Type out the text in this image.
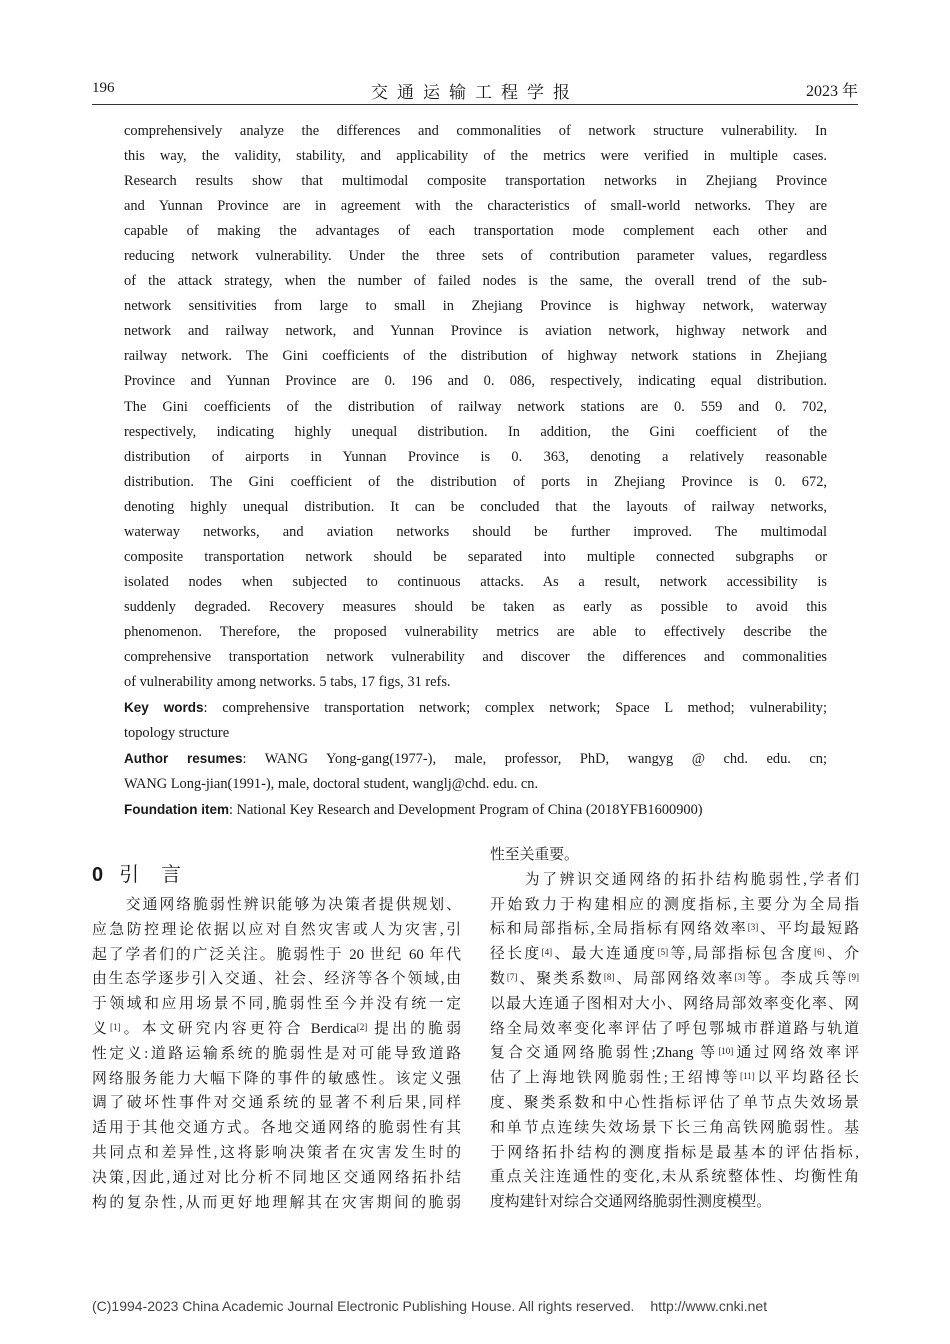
196	交通运输工程学报	2023 年

comprehensively analyze the differences and commonalities of network structure vulnerability. In

this way, the validity, stability, and applicability of the metrics were verified in multiple cases.

Research results show that multimodal composite transportation networks in Zhejiang Province

and Yunnan Province are in agreement with the characteristics of small-world networks. They are

capable of making the advantages of each transportation mode complement each other and

reducing network vulnerability. Under the three sets of contribution parameter values, regardless

of the attack strategy, when the number of failed nodes is the same, the overall trend of the sub-

network sensitivities from large to small in Zhejiang Province is highway network, waterway

network and railway network, and Yunnan Province is aviation network, highway network and

railway network. The Gini coefficients of the distribution of highway network stations in Zhejiang

Province and Yunnan Province are 0. 196 and 0. 086, respectively, indicating equal distribution.

The Gini coefficients of the distribution of railway network stations are 0. 559 and 0. 702,

respectively, indicating highly unequal distribution. In addition, the Gini coefficient of the

distribution of airports in Yunnan Province is 0. 363, denoting a relatively reasonable

distribution. The Gini coefficient of the distribution of ports in Zhejiang Province is 0. 672,

denoting highly unequal distribution. It can be concluded that the layouts of railway networks,

waterway networks, and aviation networks should be further improved. The multimodal

composite transportation network should be separated into multiple connected subgraphs or

isolated nodes when subjected to continuous attacks. As a result, network accessibility is

suddenly degraded. Recovery measures should be taken as early as possible to avoid this

phenomenon. Therefore, the proposed vulnerability metrics are able to effectively describe the

comprehensive transportation network vulnerability and discover the differences and commonalities

of vulnerability among networks. 5 tabs, 17 figs, 31 refs.

Key words: comprehensive transportation network; complex network; Space L method; vulnerability;

topology structure

Author resumes: WANG Yong-gang(1977-), male, professor, PhD, wangyg @ chd. edu. cn;

WANG Long-jian(1991-), male, doctoral student, wanglj@chd. edu. cn.

Foundation item: National Key Research and Development Program of China (2018YFB1600900)

0 引言

　　交通网络脆弱性辨识能够为决策者提供规划、

应急防控理论依据以应对自然灾害或人为灾害,引

起了学者们的广泛关注。脆弱性于 20 世纪 60 年代

由生态学逐步引入交通、社会、经济等各个领域,由

于领域和应用场景不同,脆弱性至今并没有统一定

义[1]。本文研究内容更符合 Berdica[2] 提出的脆弱

性定义:道路运输系统的脆弱性是对可能导致道路

网络服务能力大幅下降的事件的敏感性。该定义强

调了破坏性事件对交通系统的显著不利后果,同样

适用于其他交通方式。各地交通网络的脆弱性有其

共同点和差异性,这将影响决策者在灾害发生时的

决策,因此,通过对比分析不同地区交通网络拓扑结

构的复杂性,从而更好地理解其在灾害期间的脆弱

性至关重要。

　　为了辨识交通网络的拓扑结构脆弱性,学者们

开始致力于构建相应的测度指标,主要分为全局指

标和局部指标,全局指标有网络效率[3]、平均最短路

径长度[4]、最大连通度[5]等,局部指标包含度[6]、介

数[7]、聚类系数[8]、局部网络效率[3]等。李成兵等[9]

以最大连通子图相对大小、网络局部效率变化率、网

络全局效率变化率评估了呼包鄂城市群道路与轨道

复合交通网络脆弱性;Zhang 等[10]通过网络效率评

估了上海地铁网脆弱性;王绍博等[11]以平均路径长

度、聚类系数和中心性指标评估了单节点失效场景

和单节点连续失效场景下长三角高铁网脆弱性。基

于网络拓扑结构的测度指标是最基本的评估指标,

重点关注连通性的变化,未从系统整体性、均衡性角

度构建针对综合交通网络脆弱性测度模型。

(C)1994-2023 China Academic Journal Electronic Publishing House. All rights reserved. http://www.cnki.net
